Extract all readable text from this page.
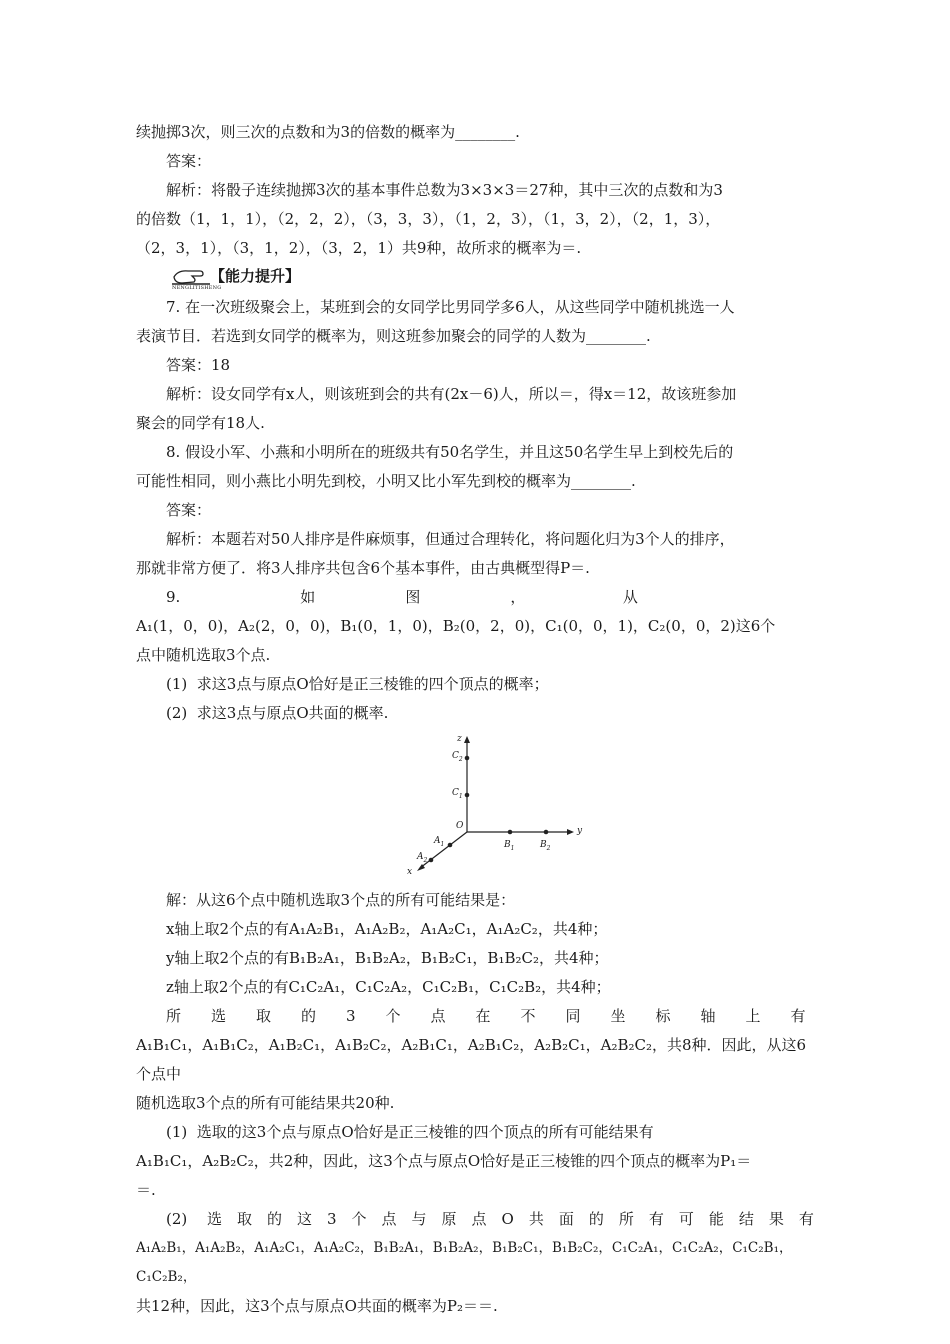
续抛掷3次，则三次的点数和为3的倍数的概率为________.

答案：

解析：将骰子连续抛掷3次的基本事件总数为3×3×3＝27种，其中三次的点数和为3

的倍数（1，1，1），（2，2，2），（3，3，3），（1，2，3），（1，3，2），（2，1，3），

（2，3，1），（3，1，2），（3，2，1）共9种，故所求的概率为＝.

【能力提升】
NENGLITISHENG

7. 在一次班级聚会上，某班到会的女同学比男同学多6人，从这些同学中随机挑选一人

表演节目．若选到女同学的概率为，则这班参加聚会的同学的人数为________.

答案：18

解析：设女同学有x人，则该班到会的共有(2x－6)人，所以＝，得x＝12，故该班参加

聚会的同学有18人.

8. 假设小军、小燕和小明所在的班级共有50名学生，并且这50名学生早上到校先后的

可能性相同，则小燕比小明先到校，小明又比小军先到校的概率为________.

答案：

解析：本题若对50人排序是件麻烦事，但通过合理转化，将问题化归为3个人的排序，

那就非常方便了．将3人排序共包含6个基本事件，由古典概型得P＝.

9.　　　　　　　　如　　　　　　图　　　　　　，　　　　　　　从

A₁(1，0，0)，A₂(2，0，0)，B₁(0，1，0)，B₂(0，2，0)，C₁(0，0，1)，C₂(0，0，2)这6个

点中随机选取3个点.

(1)  求这3点与原点O恰好是正三棱锥的四个顶点的概率；

(2)  求这3点与原点O共面的概率.

z
y
x
O
$C_2$
$C_1$
$B_1$	$B_2$
$A_1$
$A_2$

解：从这6个点中随机选取3个点的所有可能结果是：

x轴上取2个点的有A₁A₂B₁，A₁A₂B₂，A₁A₂C₁，A₁A₂C₂，共4种；

y轴上取2个点的有B₁B₂A₁，B₁B₂A₂，B₁B₂C₁，B₁B₂C₂，共4种；

z轴上取2个点的有C₁C₂A₁，C₁C₂A₂，C₁C₂B₁，C₁C₂B₂，共4种；

所　　选　　取　　的　　3　　个　　点　　在　　不　　同　　坐　　标　　轴　　上　　有

A₁B₁C₁，A₁B₁C₂，A₁B₂C₁，A₁B₂C₂，A₂B₁C₁，A₂B₁C₂，A₂B₂C₁，A₂B₂C₂，共8种．因此，从这6个点中

随机选取3个点的所有可能结果共20种.

(1)  选取的这3个点与原点O恰好是正三棱锥的四个顶点的所有可能结果有

A₁B₁C₁，A₂B₂C₂，共2种，因此，这3个点与原点O恰好是正三棱锥的四个顶点的概率为P₁＝

＝.

(2)　 选　取　的　这　3　个　点　与　原　点　O　共　面　的　所　有　可　能　结　果　有

A₁A₂B₁，A₁A₂B₂，A₁A₂C₁，A₁A₂C₂，B₁B₂A₁，B₁B₂A₂，B₁B₂C₁，B₁B₂C₂，C₁C₂A₁，C₁C₂A₂，C₁C₂B₁，C₁C₂B₂，

共12种，因此，这3个点与原点O共面的概率为P₂＝＝.
